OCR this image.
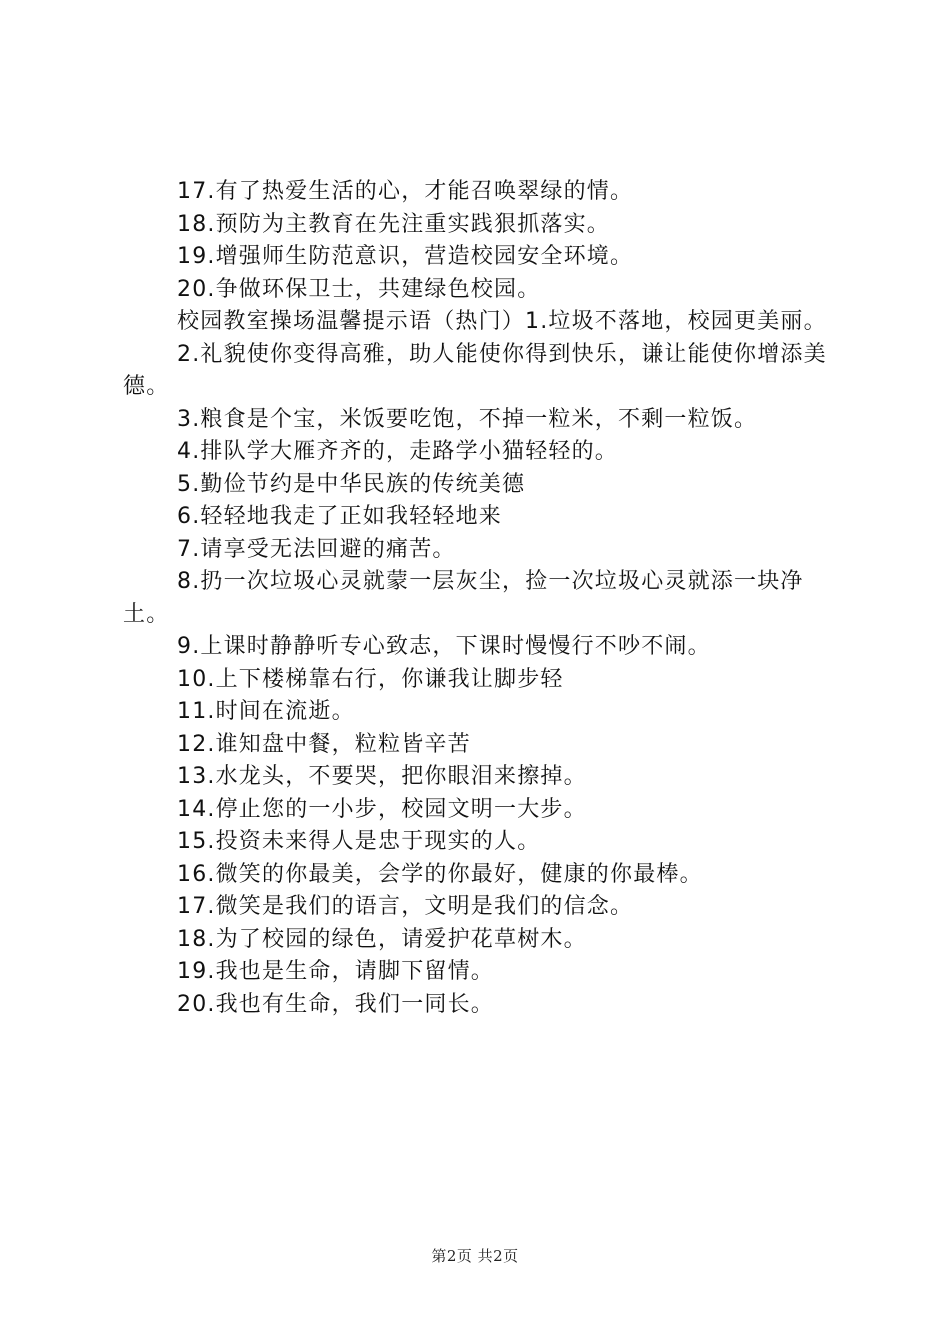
17.有了热爱生活的心，才能召唤翠绿的情。

18.预防为主教育在先注重实践狠抓落实。

19.增强师生防范意识，营造校园安全环境。

20.争做环保卫士，共建绿色校园。

校园教室操场温馨提示语（热门）1.垃圾不落地，校园更美丽。

2.礼貌使你变得高雅，助人能使你得到快乐，谦让能使你增添美德。

3.粮食是个宝，米饭要吃饱，不掉一粒米，不剩一粒饭。

4.排队学大雁齐齐的，走路学小猫轻轻的。

5.勤俭节约是中华民族的传统美德

6.轻轻地我走了正如我轻轻地来

7.请享受无法回避的痛苦。

8.扔一次垃圾心灵就蒙一层灰尘，捡一次垃圾心灵就添一块净土。

9.上课时静静听专心致志，下课时慢慢行不吵不闹。

10.上下楼梯靠右行，你谦我让脚步轻

11.时间在流逝。

12.谁知盘中餐，粒粒皆辛苦

13.水龙头，不要哭，把你眼泪来擦掉。

14.停止您的一小步，校园文明一大步。

15.投资未来得人是忠于现实的人。

16.微笑的你最美，会学的你最好，健康的你最棒。

17.微笑是我们的语言，文明是我们的信念。

18.为了校园的绿色，请爱护花草树木。

19.我也是生命，请脚下留情。

20.我也有生命，我们一同长。

第2页 共2页
